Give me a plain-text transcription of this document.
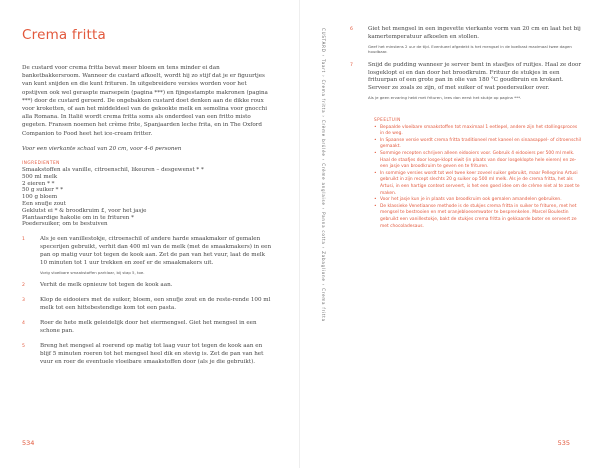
Crema fritta

De custard voor crema fritta bevat meer bloem en tens minder ei dan banketbakkersroom. Wanneer de custard afkoelt, wordt hij zo stijf dat je er figuurtjes van kunt snijden en die kunt frituren. In uitgebreidere versies worden voor het opstijven ook wel geraspte marsepein (pagina ***) en fijngestampte makronen (pagina ***) door de custard geroerd. De ongebakken custard doet denken aan de dikke roux voor kroketten, of aan het middeldeel van de gekookte melk en semolina voor gnocchi alla Romana. In Italië wordt crema fritta soms als onderdeel van een fritto misto gegeten. Fransen noemen het crème frite, Spanjaarden leche frita, en in The Oxford Companion to Food heet het ice-cream fritter.

Voor een vierkante schaal van 20 cm, voor 4-6 personen

INGREDIENTEN
Smaakstoffen als vanille, citroenschil, likeuren – desgewenst * *
500 ml melk
2 eieren * *
50 g suiker * *
100 g bloem
Een snufje zout
Geklutst ei * & broodkruim £, voor het jasje
Plantaardige hakolie om in te frituren *
Poedersuiker, om te bestuiven
1	Als je een vanillestokje, citroenschil of andere harde smaakmaker of gemalen specerijen gebruikt, verhit dan 400 ml van de melk (met de smaakmakers) in een pan op matig vuur tot tegen de kook aan. Zet de pan van het vuur, laat de melk 10 minuten tot 1 uur trekken en zeef er de smaakmakers uit.
Vorig vloeibare smaakstoffen parklaar, bij stap 5, toe.
2	Verhit de melk opnieuw tot tegen de kook aan.
3	Klop de eidooiers met de suiker, bloem, een snufje zout en de reste-rende 100 ml melk tot een hittebestendige kom tot een pasta.
4	Roer de hete melk geleidelijk door het eiermengsel. Giet het mengsel in een schone pan.
5	Breng het mengsel al roerend op matig tot laag vuur tot tegen de kook aan en blijf 5 minuten roeren tot het mengsel heel dik en stevig is. Zet de pan van het vuur en roer de eventuele vloeibare smaakstoffen door (als je die gebruikt).
534
CUSTARD › Taart › Crema fritta › Crème brûlée › Crème anglaise › Panna cotta › Zabaglione › Crema fritta	6	Giet het mengsel in een ingevette vierkante vorm van 20 cm en laat het bij kamertemperatuur afkoelen en stollen.
Geef het minstens 2 uur de tijd. Eventueel afgedekt is het mengsel in de koelkast maximaal twee dagen houdbaar.
7	Snijd de pudding wanneer je server bent in stasfjes of ruitjes. Haal ze door losgeklopt ei en dan door het broodkruim. Frituur de stukjes in een frituurpan of een grote pan in olie van 180 °C goudbruin en krokant. Serveer ze zoals ze zijn, of met suiker of wat poedersuiker over.
Als je geen ervaring hebt met frituren, lees dan eerst het stukje op pagina ***.
SPEELTUIN

• Bepaalde vloeibare smaakstoffen tot maximaal 1 eetlepel, andere zijn het stollingsproces in de weg.

• In Spaanse versie wordt crema fritta traditioneel met kaneel en sinaasappel- of citroenschil gemaakt.

• Sommige recepten schrijven alleen eidooiers voor. Gebruik 4 eidooiers per 500 ml melk. Haal de staafjes door losge-klopt eiwit (in plaats van door losgeklopte hele eieren) en ze-een jasje van broodkruim te geven en te frituren.

• In sommige versies wordt tot wel twee keer zoveel suiker gebruikt, maar Pellegrino Artusi gebruikt in zijn recept slechts 20 g suiker op 500 ml melk. Als je de crema fritta, het als Artusi, in een hartige context serveert, is het een goed idee om de crème niet al te zoet te maken.

• Voor het jasje kun je in plaats van broodkruim ook gemalen amandelen gebruiken.

• De klassieke Venetiaanse methode is de stukjes crema fritta in suiker te frituren, met het mengsel te bestrooien en met oranjebloesemwater te besprenkelen. Marcel Boulestin gebruikt een vanillestokje, bakt de stukjes crema fritta in gekkaarde boter en serveert ze met chocoladesaus.

535
